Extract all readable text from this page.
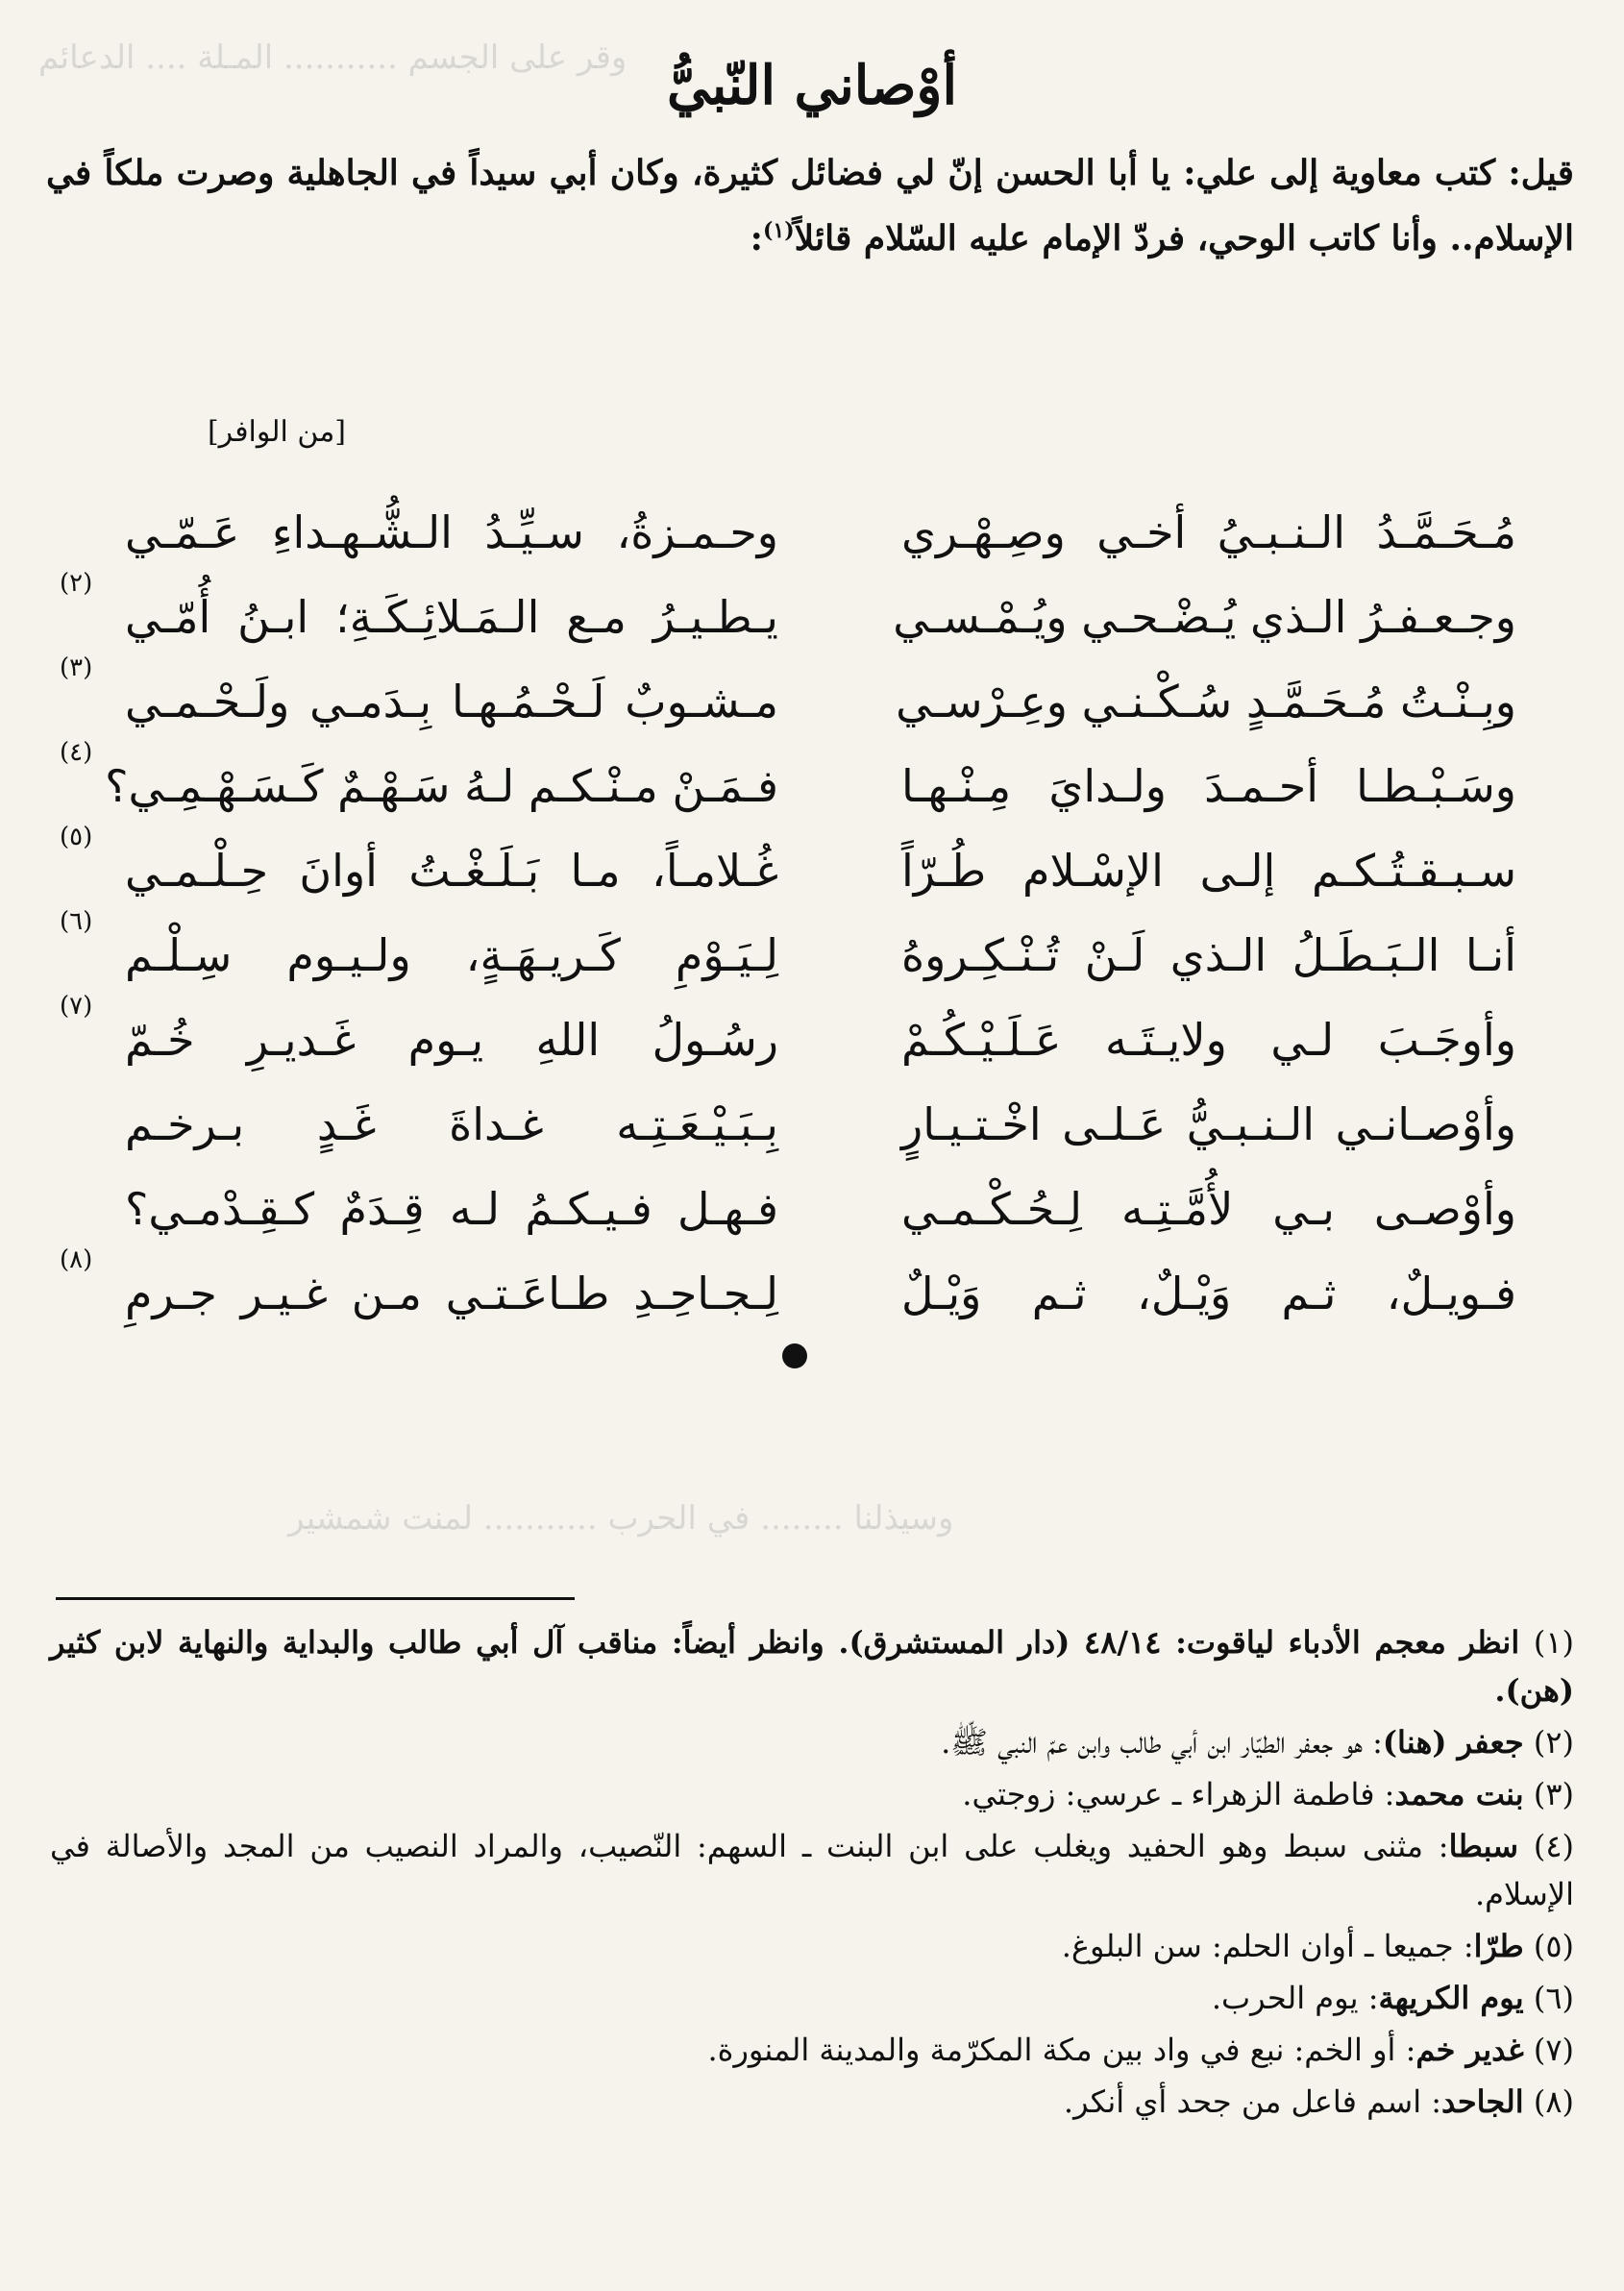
وقر على الجسم ........... المـلة .... الدعائم
وسيذلنا ........ في الحرب ........... لمنت شمشير
أوْصاني النّبيُّ
قيل: كتب معاوية إلى علي: يا أبا الحسن إنّ لي فضائل كثيرة، وكان أبي سيداً في الجاهلية وصرت ملكاً في الإسلام.. وأنا كاتب الوحي، فردّ الإمام عليه السّلام قائلاً$^{(١)}$:
[من الوافر]
مُـحَـمَّـدُ الـنـبـيُ أخـي وصِـهْـري
وحـمـزةُ، سـيِّـدُ الـشُّـهـداءِ عَـمّـي
وجـعـفـرُ الـذي يُـضْـحـي ويُـمْـسـي
يـطـيـرُ مـع الـمَـلائِـكَـةِ؛ ابـنُ أُمّـي
(٢)
وبِـنْـتُ مُـحَـمَّـدٍ سُـكْـنـي وعِـرْسـي
مـشـوبٌ لَـحْـمُـهـا بِـدَمـي ولَـحْـمـي
(٣)
وسَـبْـطـا أحـمـدَ ولـدايَ مِـنْـهـا
فـمَـنْ مـنْـكـم لـهُ سَـهْـمٌ كَـسَـهْـمِـي؟
(٤)
سـبـقـتُـكـم إلـى الإسْـلام طُـرّاً
غُـلامـاً، مـا بَـلَـغْـتُ أوانَ حِـلْـمـي
(٥)
أنـا الـبَـطَـلُ الـذي لَـنْ تُـنْـكِـروهُ
لِـيَـوْمِ كَـريـهَـةٍ، ولـيـوم سِـلْـم
(٦)
وأوجَـبَ لـي ولايـتَـه عَـلَـيْـكُـمْ
رسُـولُ اللهِ يـوم غَـديـرِ خُـمّ
(٧)
وأوْصـانـي الـنـبـيُّ عَـلـى اخْـتـيـارٍ
بِـبَـيْـعَـتِـه غـداةَ غَـدٍ بـرخـم
وأوْصـى بـي لأُمَّـتِـه لِـحُـكْـمـي
فـهـل فـيـكـمُ لـه قِـدَمٌ كـقِـدْمـي؟
فـويـلٌ، ثـم وَيْـلٌ، ثـم وَيْـلٌ
لِـجـاحِـدِ طـاعَـتـي مـن غـيـر جـرمِ
(٨)

(١) انظر معجم الأدباء لياقوت: ٤٨/١٤ (دار المستشرق). وانظر أيضاً: مناقب آل أبي طالب والبداية والنهاية لابن كثير (هن).

(٢) جعفر (هنا): هو جعفر الطيّار ابن أبي طالب وابن عمّ النبي ﷺ.

(٣) بنت محمد: فاطمة الزهراء ـ عرسي: زوجتي.

(٤) سبطا: مثنى سبط وهو الحفيد ويغلب على ابن البنت ـ السهم: النّصيب، والمراد النصيب من المجد والأصالة في الإسلام.

(٥) طرّا: جميعا ـ أوان الحلم: سن البلوغ.

(٦) يوم الكريهة: يوم الحرب.

(٧) غدير خم: أو الخم: نبع في واد بين مكة المكرّمة والمدينة المنورة.

(٨) الجاحد: اسم فاعل من جحد أي أنكر.
